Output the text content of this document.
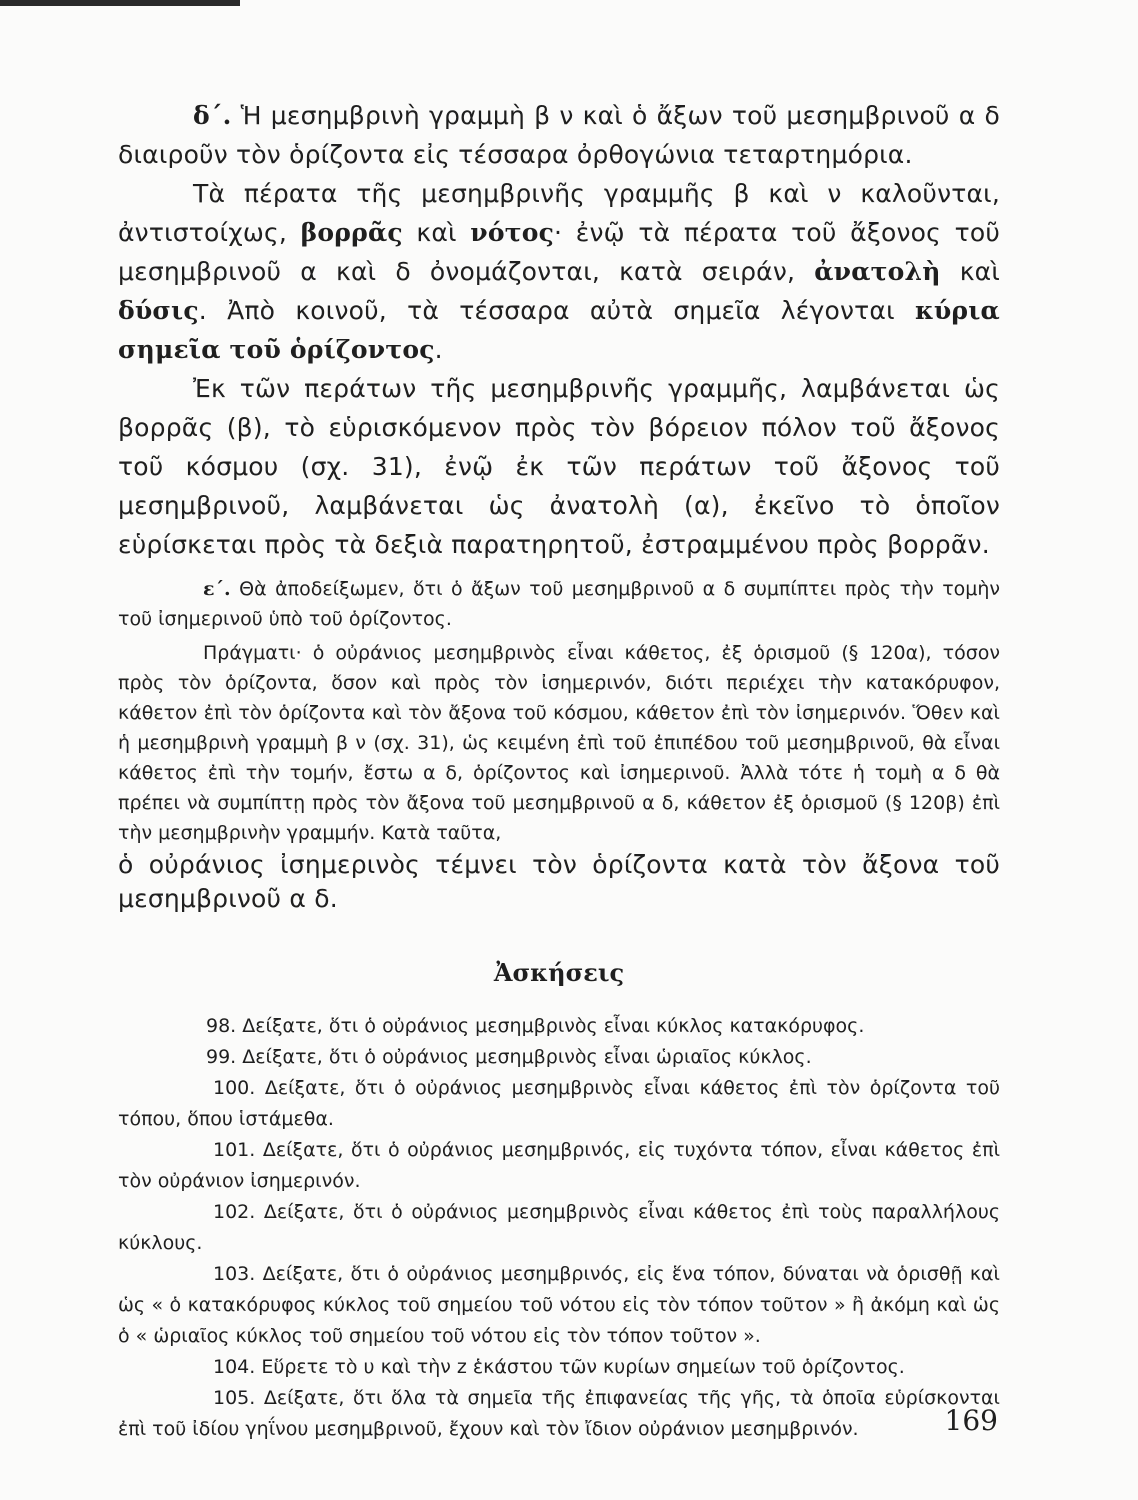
δ΄. Ἡ μεσημβρινὴ γραμμὴ β ν καὶ ὁ ἄξων τοῦ μεσημβρινοῦ α δ διαιροῦν τὸν ὁρίζοντα εἰς τέσσαρα ὀρθογώνια τεταρτημόρια.

Τὰ πέρατα τῆς μεσημβρινῆς γραμμῆς β καὶ ν καλοῦνται, ἀντιστοίχως, βορρᾶς καὶ νότος· ἐνῷ τὰ πέρατα τοῦ ἄξονος τοῦ μεσημβρινοῦ α καὶ δ ὀνομάζονται, κατὰ σειράν, ἀνατολὴ καὶ δύσις. Ἀπὸ κοινοῦ, τὰ τέσσαρα αὐτὰ σημεῖα λέγονται κύρια σημεῖα τοῦ ὁρίζοντος.

Ἐκ τῶν περάτων τῆς μεσημβρινῆς γραμμῆς, λαμβάνεται ὡς βορρᾶς (β), τὸ εὑρισκόμενον πρὸς τὸν βόρειον πόλον τοῦ ἄξονος τοῦ κόσμου (σχ. 31), ἐνῷ ἐκ τῶν περάτων τοῦ ἄξονος τοῦ μεσημβρινοῦ, λαμβάνεται ὡς ἀνατολὴ (α), ἐκεῖνο τὸ ὁποῖον εὑρίσκεται πρὸς τὰ δεξιὰ παρατηρητοῦ, ἐστραμμένου πρὸς βορρᾶν.

ε΄. Θὰ ἀποδείξωμεν, ὅτι ὁ ἄξων τοῦ μεσημβρινοῦ α δ συμπίπτει πρὸς τὴν τομὴν τοῦ ἰσημερινοῦ ὑπὸ τοῦ ὁρίζοντος.

Πράγματι· ὁ οὐράνιος μεσημβρινὸς εἶναι κάθετος, ἐξ ὁρισμοῦ (§ 120α), τόσον πρὸς τὸν ὁρίζοντα, ὅσον καὶ πρὸς τὸν ἰσημερινόν, διότι περιέχει τὴν κατακόρυφον, κάθετον ἐπὶ τὸν ὁρίζοντα καὶ τὸν ἄξονα τοῦ κόσμου, κάθετον ἐπὶ τὸν ἰσημερινόν. Ὅθεν καὶ ἡ μεσημβρινὴ γραμμὴ β ν (σχ. 31), ὡς κειμένη ἐπὶ τοῦ ἐπιπέδου τοῦ μεσημβρινοῦ, θὰ εἶναι κάθετος ἐπὶ τὴν τομήν, ἔστω α δ, ὁρίζοντος καὶ ἰσημερινοῦ. Ἀλλὰ τότε ἡ τομὴ α δ θὰ πρέπει νὰ συμπίπτῃ πρὸς τὸν ἄξονα τοῦ μεσημβρινοῦ α δ, κάθετον ἐξ ὁρισμοῦ (§ 120β) ἐπὶ τὴν μεσημβρινὴν γραμμήν. Κατὰ ταῦτα,

ὁ οὐράνιος ἰσημερινὸς τέμνει τὸν ὁρίζοντα κατὰ τὸν ἄξονα τοῦ μεσημβρινοῦ α δ.

Ἀσκήσεις

98. Δείξατε, ὅτι ὁ οὐράνιος μεσημβρινὸς εἶναι κύκλος κατακόρυφος.

99. Δείξατε, ὅτι ὁ οὐράνιος μεσημβρινὸς εἶναι ὡριαῖος κύκλος.

100. Δείξατε, ὅτι ὁ οὐράνιος μεσημβρινὸς εἶναι κάθετος ἐπὶ τὸν ὁρίζοντα τοῦ τόπου, ὅπου ἱστάμεθα.

101. Δείξατε, ὅτι ὁ οὐράνιος μεσημβρινός, εἰς τυχόντα τόπον, εἶναι κάθετος ἐπὶ τὸν οὐράνιον ἰσημερινόν.

102. Δείξατε, ὅτι ὁ οὐράνιος μεσημβρινὸς εἶναι κάθετος ἐπὶ τοὺς παραλλήλους κύκλους.

103. Δείξατε, ὅτι ὁ οὐράνιος μεσημβρινός, εἰς ἕνα τόπον, δύναται νὰ ὁρισθῇ καὶ ὡς « ὁ κατακόρυφος κύκλος τοῦ σημείου τοῦ νότου εἰς τὸν τόπον τοῦτον » ἢ ἀκόμη καὶ ὡς ὁ « ὡριαῖος κύκλος τοῦ σημείου τοῦ νότου εἰς τὸν τόπον τοῦτον ».

104. Εὕρετε τὸ υ καὶ τὴν z ἑκάστου τῶν κυρίων σημείων τοῦ ὁρίζοντος.

105. Δείξατε, ὅτι ὅλα τὰ σημεῖα τῆς ἐπιφανείας τῆς γῆς, τὰ ὁποῖα εὑρίσκονται ἐπὶ τοῦ ἰδίου γηΐνου μεσημβρινοῦ, ἔχουν καὶ τὸν ἴδιον οὐράνιον μεσημβρινόν.	169
